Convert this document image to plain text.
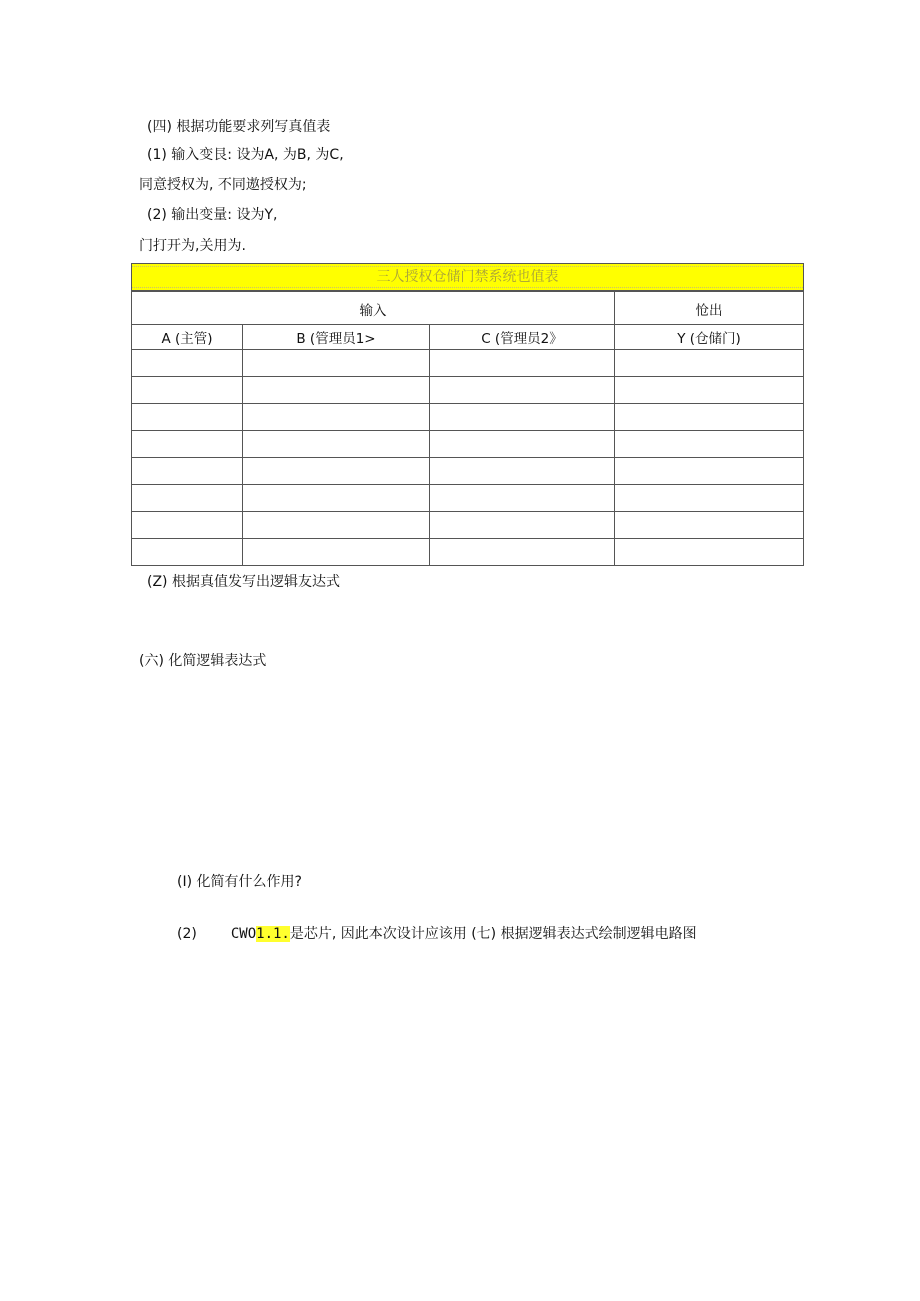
(四) 根据功能要求列写真值表
(1) 输入变艮: 设为A, 为B, 为C,
同意授权为, 不同遨授权为;
(2) 输出变量: 设为Y,
门打开为,关用为.
三人授权仓储门禁系统也值表			
输入			怆出
A (主管)	B (管理员1>	C (管理员2》	Y (仓储门)

(Z) 根据真值发写出逻辑友达式
(六) 化简逻辑表达式
(I) 化简有什么作用?
(2) CWO1.1.是芯片, 因此本次设计应该用 (七) 根据逻辑表达式绘制逻辑电路图
